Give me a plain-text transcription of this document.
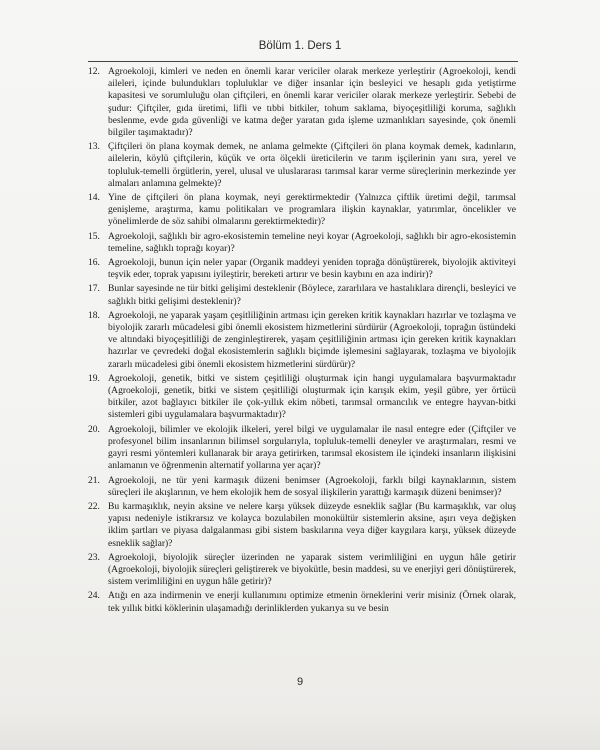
Bölüm 1. Ders 1
12. Agroekoloji, kimleri ve neden en önemli karar vericiler olarak merkeze yerleştirir (Agroekoloji, kendi aileleri, içinde bulundukları topluluklar ve diğer insanlar için besleyici ve hesaplı gıda yetiştirme kapasitesi ve sorumluluğu olan çiftçileri, en önemli karar vericiler olarak merkeze yerleştirir. Sebebi de şudur: Çiftçiler, gıda üretimi, lifli ve tıbbi bitkiler, tohum saklama, biyoçeşitliliği koruma, sağlıklı beslenme, evde gıda güvenliği ve katma değer yaratan gıda işleme uzmanlıkları sayesinde, çok önemli bilgiler taşımaktadır)?
13. Çiftçileri ön plana koymak demek, ne anlama gelmekte (Çiftçileri ön plana koymak demek, kadınların, ailelerin, köylü çiftçilerin, küçük ve orta ölçekli üreticilerin ve tarım işçilerinin yanı sıra, yerel ve topluluk-temelli örgütlerin, yerel, ulusal ve uluslararası tarımsal karar verme süreçlerinin merkezinde yer almaları anlamına gelmekte)?
14. Yine de çiftçileri ön plana koymak, neyi gerektirmektedir (Yalnızca çiftlik üretimi değil, tarımsal genişleme, araştırma, kamu politikaları ve programlara ilişkin kaynaklar, yatırımlar, öncelikler ve yönelimlerde de söz sahibi olmalarını gerektirmektedir)?
15. Agroekoloji, sağlıklı bir agro-ekosistemin temeline neyi koyar (Agroekoloji, sağlıklı bir agro-ekosistemin temeline, sağlıklı toprağı koyar)?
16. Agroekoloji, bunun için neler yapar (Organik maddeyi yeniden toprağa dönüştürerek, biyolojik aktiviteyi teşvik eder, toprak yapısını iyileştirir, bereketi artırır ve besin kaybını en aza indirir)?
17. Bunlar sayesinde ne tür bitki gelişimi desteklenir (Böylece, zararlılara ve hastalıklara dirençli, besleyici ve sağlıklı bitki gelişimi desteklenir)?
18. Agroekoloji, ne yaparak yaşam çeşitliliğinin artması için gereken kritik kaynakları hazırlar ve tozlaşma ve biyolojik zararlı mücadelesi gibi önemli ekosistem hizmetlerini sürdürür (Agroekoloji, toprağın üstündeki ve altındaki biyoçeşitliliği de zenginleştirerek, yaşam çeşitliliğinin artması için gereken kritik kaynakları hazırlar ve çevredeki doğal ekosistemlerin sağlıklı biçimde işlemesini sağlayarak, tozlaşma ve biyolojik zararlı mücadelesi gibi önemli ekosistem hizmetlerini sürdürür)?
19. Agroekoloji, genetik, bitki ve sistem çeşitliliği oluşturmak için hangi uygulamalara başvurmaktadır (Agroekoloji, genetik, bitki ve sistem çeşitliliği oluşturmak için karışık ekim, yeşil gübre, yer örtücü bitkiler, azot bağlayıcı bitkiler ile çok-yıllık ekim nöbeti, tarımsal ormancılık ve entegre hayvan-bitki sistemleri gibi uygulamalara başvurmaktadır)?
20. Agroekoloji, bilimler ve ekolojik ilkeleri, yerel bilgi ve uygulamalar ile nasıl entegre eder (Çiftçiler ve profesyonel bilim insanlarının bilimsel sorgularıyla, topluluk-temelli deneyler ve araştırmaları, resmi ve gayri resmi yöntemleri kullanarak bir araya getirirken, tarımsal ekosistem ile içindeki insanların ilişkisini anlamanın ve öğrenmenin alternatif yollarına yer açar)?
21. Agroekoloji, ne tür yeni karmaşık düzeni benimser (Agroekoloji, farklı bilgi kaynaklarının, sistem süreçleri ile akışlarının, ve hem ekolojik hem de sosyal ilişkilerin yarattığı karmaşık düzeni benimser)?
22. Bu karmaşıklık, neyin aksine ve nelere karşı yüksek düzeyde esneklik sağlar (Bu karmaşıklık, var oluş yapısı nedeniyle istikrarsız ve kolayca bozulabilen monokültür sistemlerin aksine, aşırı veya değişken iklim şartları ve piyasa dalgalanması gibi sistem baskılarına veya diğer kaygılara karşı, yüksek düzeyde esneklik sağlar)?
23. Agroekoloji, biyolojik süreçler üzerinden ne yaparak sistem verimliliğini en uygun hâle getirir (Agroekoloji, biyolojik süreçleri geliştirerek ve biyokütle, besin maddesi, su ve enerjiyi geri dönüştürerek, sistem verimliliğini en uygun hâle getirir)?
24. Atığı en aza indirmenin ve enerji kullanımını optimize etmenin örneklerini verir misiniz (Örnek olarak, tek yıllık bitki köklerinin ulaşamadığı derinliklerden yukarıya su ve besin
9
